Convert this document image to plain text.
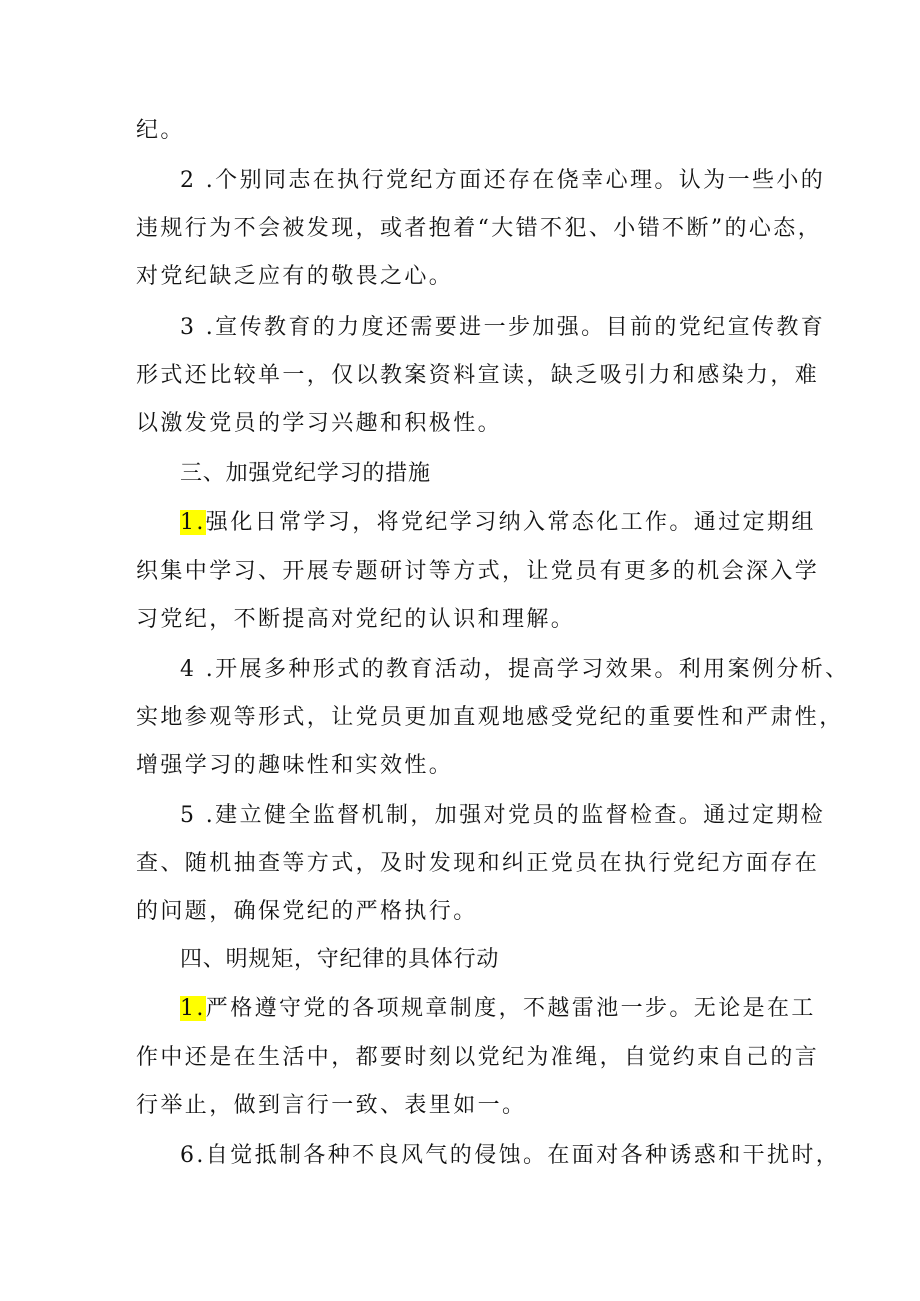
纪。
2 .个别同志在执行党纪方面还存在侥幸心理。认为一些小的
违规行为不会被发现，或者抱着“大错不犯、小错不断”的心态，
对党纪缺乏应有的敬畏之心。
3 .宣传教育的力度还需要进一步加强。目前的党纪宣传教育
形式还比较单一，仅以教案资料宣读，缺乏吸引力和感染力，难
以激发党员的学习兴趣和积极性。
三、加强党纪学习的措施
1.强化日常学习，将党纪学习纳入常态化工作。通过定期组
织集中学习、开展专题研讨等方式，让党员有更多的机会深入学
习党纪，不断提高对党纪的认识和理解。
4 .开展多种形式的教育活动，提高学习效果。利用案例分析、
实地参观等形式，让党员更加直观地感受党纪的重要性和严肃性，
增强学习的趣味性和实效性。
5 .建立健全监督机制，加强对党员的监督检查。通过定期检
查、随机抽查等方式，及时发现和纠正党员在执行党纪方面存在
的问题，确保党纪的严格执行。
四、明规矩，守纪律的具体行动
1.严格遵守党的各项规章制度，不越雷池一步。无论是在工
作中还是在生活中，都要时刻以党纪为准绳，自觉约束自己的言
行举止，做到言行一致、表里如一。
6.自觉抵制各种不良风气的侵蚀。在面对各种诱惑和干扰时，
